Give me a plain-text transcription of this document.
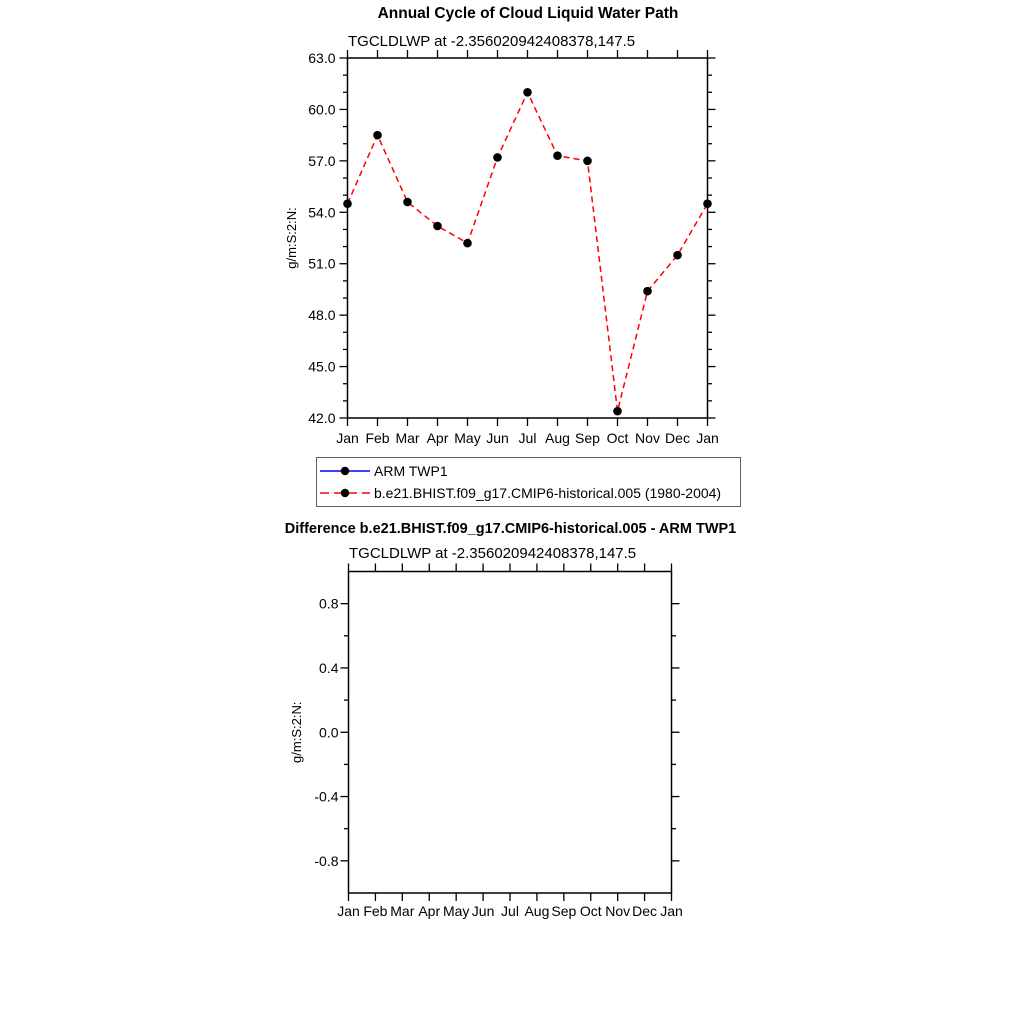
Annual Cycle of Cloud Liquid Water Path
TGCLDLWP at -2.356020942408378,147.5
Jan Feb Mar Apr May Jun Jul Aug Sep Oct Nov Dec Jan
42.0
45.0
48.0
51.0
54.0
57.0
60.0
63.0
g/m:S:2:N:
Jan Feb Mar Apr May Jun Jul Aug Sep Oct Nov Dec Jan
-0.8
-0.4
0.0
0.4
0.8
g/m:S:2:N:
ARM TWP1
b.e21.BHIST.f09_g17.CMIP6-historical.005 (1980-2004)
Difference b.e21.BHIST.f09_g17.CMIP6-historical.005 - ARM TWP1
TGCLDLWP at -2.356020942408378,147.5
